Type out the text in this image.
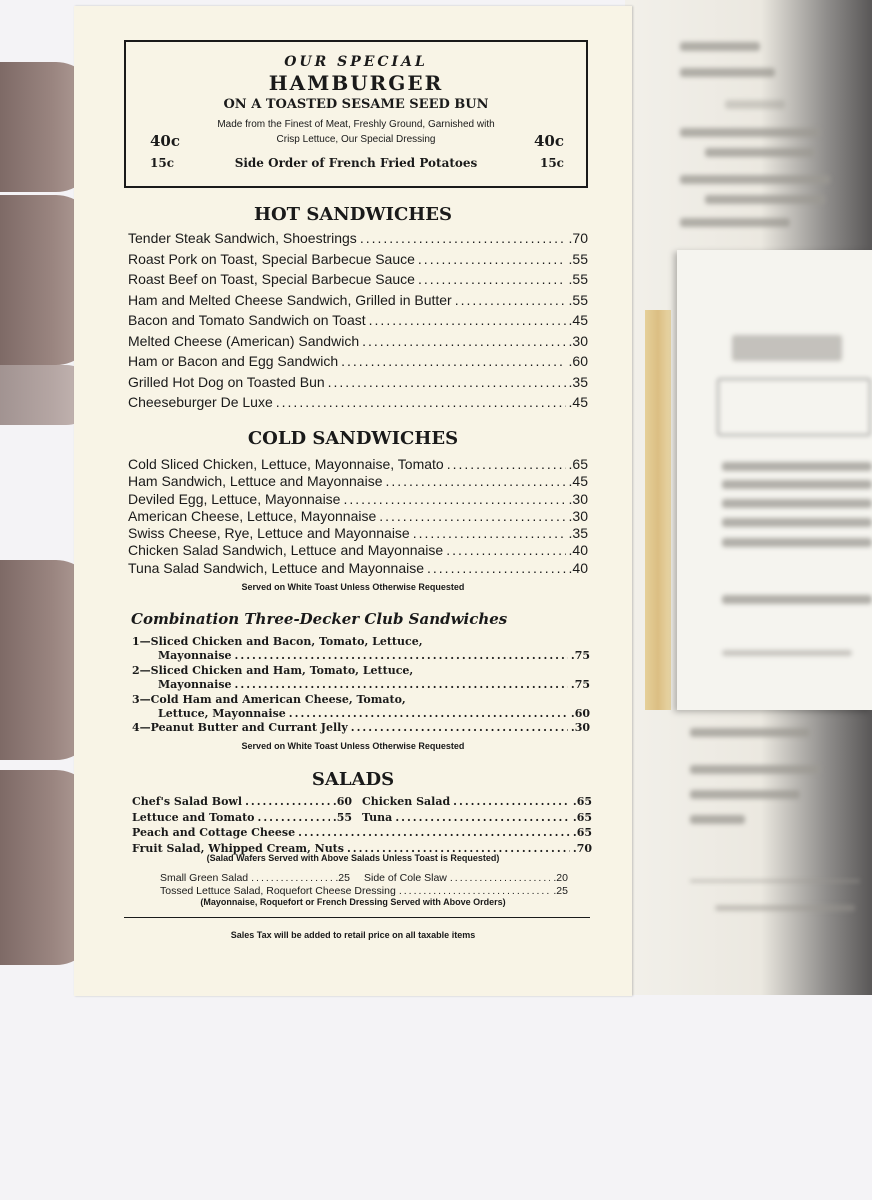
OUR SPECIAL
HAMBURGER
ON A TOASTED SESAME SEED BUN
Made from the Finest of Meat, Freshly Ground, Garnished with
Crisp Lettuce, Our Special Dressing
40c	40c
Side Order of French Fried Potatoes
15c	15c
HOT SANDWICHES
Tender Steak Sandwich, Shoestrings .....	.70
Roast Pork on Toast, Special Barbecue Sauce .....	.55
Roast Beef on Toast, Special Barbecue Sauce .....	.55
Ham and Melted Cheese Sandwich, Grilled in Butter .....	.55
Bacon and Tomato Sandwich on Toast .....	.45
Melted Cheese (American) Sandwich .....	.30
Ham or Bacon and Egg Sandwich .....	.60
Grilled Hot Dog on Toasted Bun .....	.35
Cheeseburger De Luxe .....	.45
COLD SANDWICHES
Cold Sliced Chicken, Lettuce, Mayonnaise, Tomato .....	.65
Ham Sandwich, Lettuce and Mayonnaise .....	.45
Deviled Egg, Lettuce, Mayonnaise .....	.30
American Cheese, Lettuce, Mayonnaise .....	.30
Swiss Cheese, Rye, Lettuce and Mayonnaise .....	.35
Chicken Salad Sandwich, Lettuce and Mayonnaise .....	.40
Tuna Salad Sandwich, Lettuce and Mayonnaise .....	.40
Served on White Toast Unless Otherwise Requested
Combination Three-Decker Club Sandwiches
1—Sliced Chicken and Bacon, Tomato, Lettuce,
Mayonnaise .....	.75
2—Sliced Chicken and Ham, Tomato, Lettuce,
Mayonnaise .....	.75
3—Cold Ham and American Cheese, Tomato,
Lettuce, Mayonnaise .....	.60
4—Peanut Butter and Currant Jelly .....	.30
Served on White Toast Unless Otherwise Requested
SALADS
Chef's Salad Bowl .....	.60 Chicken Salad .....	.65
Lettuce and Tomato .....	.55 Tuna .....	.65
Peach and Cottage Cheese .....	.65
Fruit Salad, Whipped Cream, Nuts .....	.70
(Salad Wafers Served with Above Salads Unless Toast is Requested)
Small Green Salad .....	.25 Side of Cole Slaw .....	.20
Tossed Lettuce Salad, Roquefort Cheese Dressing .....	.25
(Mayonnaise, Roquefort or French Dressing Served with Above Orders)
Sales Tax will be added to retail price on all taxable items
